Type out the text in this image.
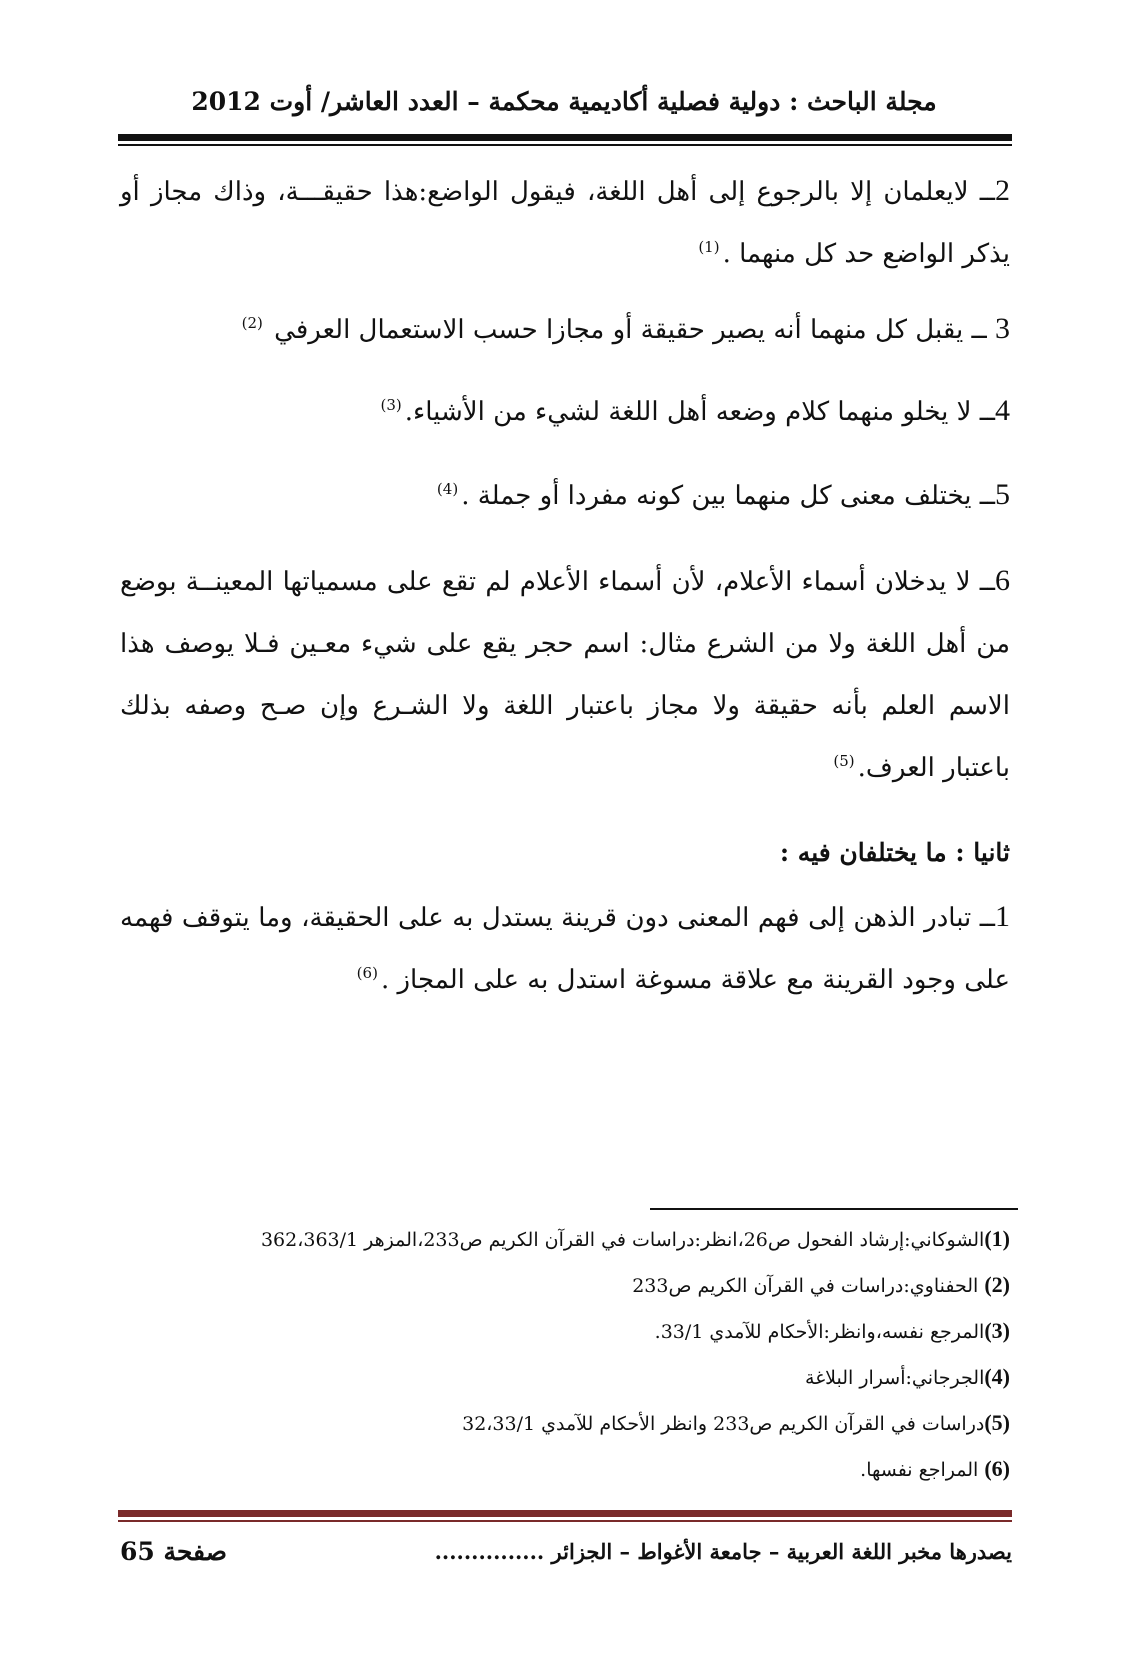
مجلة الباحث : دولية فصلية أكاديمية محكمة – العدد العاشر/ أوت 2012
2ــ لايعلمان إلا بالرجوع إلى أهل اللغة، فيقول الواضع:هذا حقيقـــة، وذاك مجاز أو يذكر الواضع حد كل منهما .$^{(1)}$
3 ــ يقبل كل منهما أنه يصير حقيقة أو مجازا حسب الاستعمال العرفي $^{(2)}$
4ــ لا يخلو منهما كلام وضعه أهل اللغة لشيء من الأشياء.$^{(3)}$
5ــ يختلف معنى كل منهما بين كونه مفردا أو جملة .$^{(4)}$
6ــ لا يدخلان أسماء الأعلام، لأن أسماء الأعلام لم تقع على مسمياتها المعينــة بوضع من أهل اللغة ولا من الشرع مثال: اسم حجر يقع على شيء معـين فـلا يوصف هذا الاسم العلم بأنه حقيقة ولا مجاز باعتبار اللغة ولا الشـرع وإن صـح وصفه بذلك باعتبار العرف.$^{(5)}$
ثانيا : ما يختلفان فيه :
1ــ تبادر الذهن إلى فهم المعنى دون قرينة يستدل به على الحقيقة، وما يتوقف فهمه على وجود القرينة مع علاقة مسوغة استدل به على المجاز .$^{(6)}$
(1)الشوكاني:إرشاد الفحول ص26،انظر:دراسات في القرآن الكريم ص233،المزهر 362،363/1
(2) الحفناوي:دراسات في القرآن الكريم ص233
(3)المرجع نفسه،وانظر:الأحكام للآمدي 33/1.
(4)الجرجاني:أسرار البلاغة
(5)دراسات في القرآن الكريم ص233 وانظر الأحكام للآمدي 32،33/1
(6) المراجع نفسها.
يصدرها مخبر اللغة العربية – جامعة الأغواط – الجزائر ...............
صفحة 65
